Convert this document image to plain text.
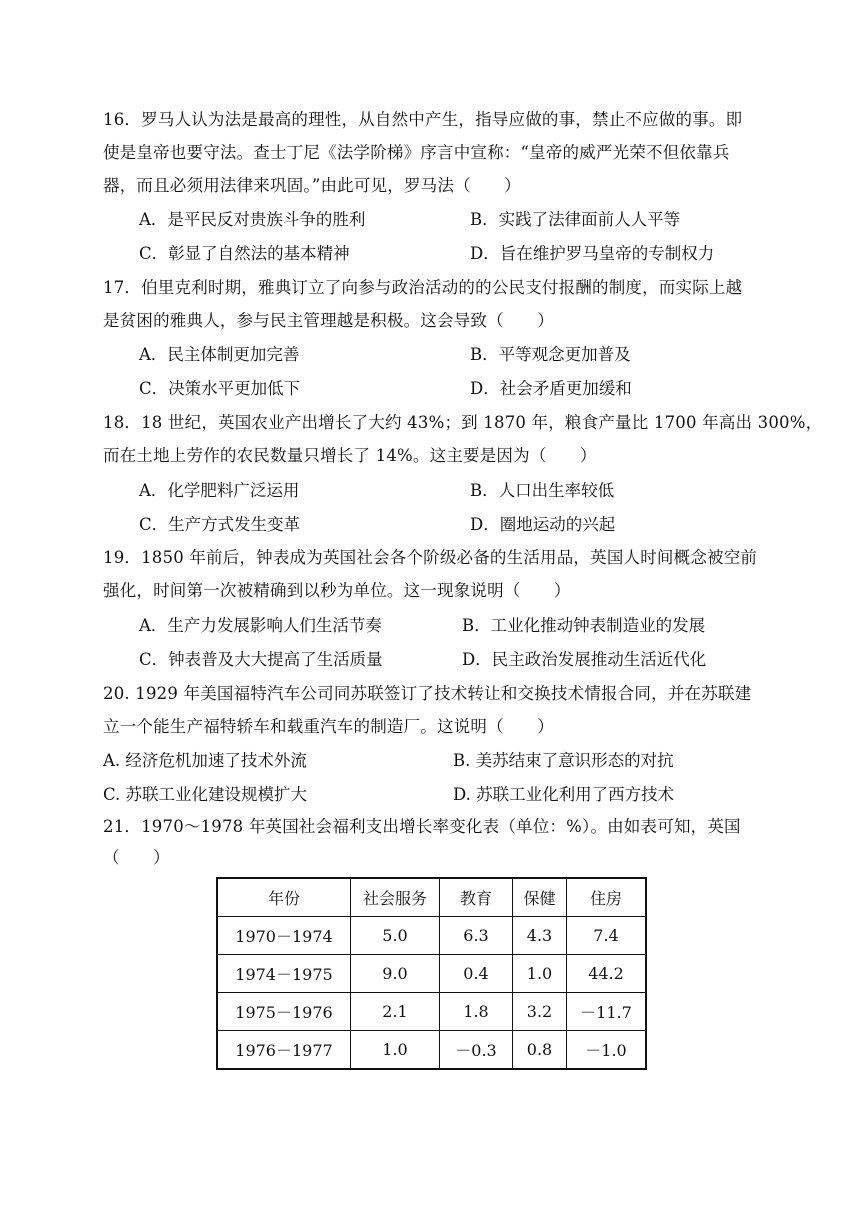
16．罗马人认为法是最高的理性，从自然中产生，指导应做的事，禁止不应做的事。即
使是皇帝也要守法。查士丁尼《法学阶梯》序言中宣称：“皇帝的威严光荣不但依靠兵
器，而且必须用法律来巩固。”由此可见，罗马法（　　）
A．是平民反对贵族斗争的胜利	B．实践了法律面前人人平等
C．彰显了自然法的基本精神	D．旨在维护罗马皇帝的专制权力
17．伯里克利时期，雅典订立了向参与政治活动的的公民支付报酬的制度，而实际上越
是贫困的雅典人，参与民主管理越是积极。这会导致（　　）
A．民主体制更加完善	B．平等观念更加普及
C．决策水平更加低下	D．社会矛盾更加缓和
18．18 世纪，英国农业产出增长了大约 43%；到 1870 年，粮食产量比 1700 年高出 300%，
而在土地上劳作的农民数量只增长了 14%。这主要是因为（　　）
A．化学肥料广泛运用	B．人口出生率较低
C．生产方式发生变革	D．圈地运动的兴起
19．1850 年前后，钟表成为英国社会各个阶级必备的生活用品，英国人时间概念被空前
强化，时间第一次被精确到以秒为单位。这一现象说明（　　）
A．生产力发展影响人们生活节奏	B．工业化推动钟表制造业的发展
C．钟表普及大大提高了生活质量	D．民主政治发展推动生活近代化
20. 1929 年美国福特汽车公司同苏联签订了技术转让和交换技术情报合同，并在苏联建
立一个能生产福特轿车和载重汽车的制造厂。这说明（　　）
A. 经济危机加速了技术外流	B. 美苏结束了意识形态的对抗
C. 苏联工业化建设规模扩大	D. 苏联工业化利用了西方技术
21．1970～1978 年英国社会福利支出增长率变化表（单位：%）。由如表可知，英国
（　　）
年份	社会服务	教育	保健	住房
1970－1974	5.0	6.3	4.3	7.4
1974－1975	9.0	0.4	1.0	44.2
1975－1976	2.1	1.8	3.2	－11.7
1976－1977	1.0	－0.3	0.8	－1.0
